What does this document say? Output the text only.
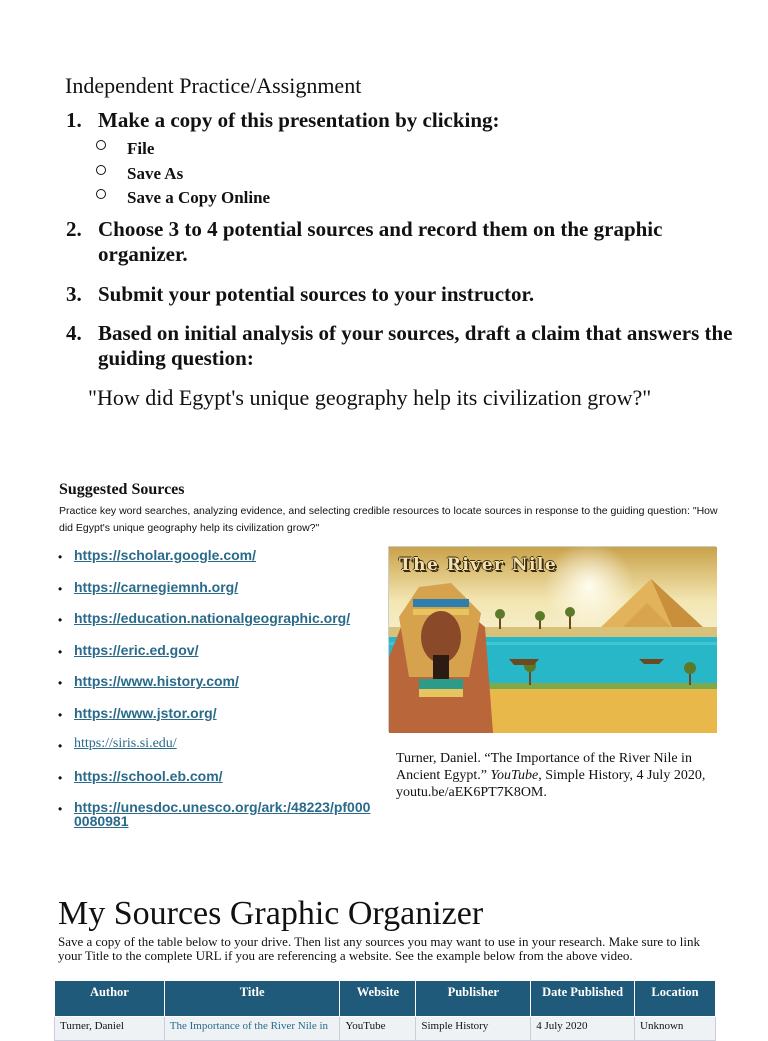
Independent Practice/Assignment
1. Make a copy of this presentation by clicking:
File
Save As
Save a Copy Online
2. Choose 3 to 4 potential sources and record them on the graphic organizer.
3. Submit your potential sources to your instructor.
4. Based on initial analysis of your sources, draft a claim that answers the guiding question:
"How did Egypt's unique geography help its civilization grow?"
Suggested Sources
Practice key word searches, analyzing evidence, and selecting credible resources to locate sources in response to the guiding question: "How did Egypt's unique geography help its civilization grow?"
• https://scholar.google.com/
• https://carnegiemnh.org/
• https://education.nationalgeographic.org/
• https://eric.ed.gov/
• https://www.history.com/
• https://www.jstor.org/
• https://siris.si.edu/
• https://school.eb.com/
• https://unesdoc.unesco.org/ark:/48223/pf0000080981
The River Nile
Turner, Daniel. “The Importance of the River Nile in Ancient Egypt.” YouTube, Simple History, 4 July 2020, youtu.be/aEK6PT7K8OM.
My Sources Graphic Organizer
Save a copy of the table below to your drive. Then list any sources you may want to use in your research. Make sure to link your Title to the complete URL if you are referencing a website. See the example below from the above video.
Author	Title	Website	Publisher	Date Published	Location
Turner, Daniel	The Importance of the River Nile in	YouTube	Simple History	4 July 2020	Unknown
